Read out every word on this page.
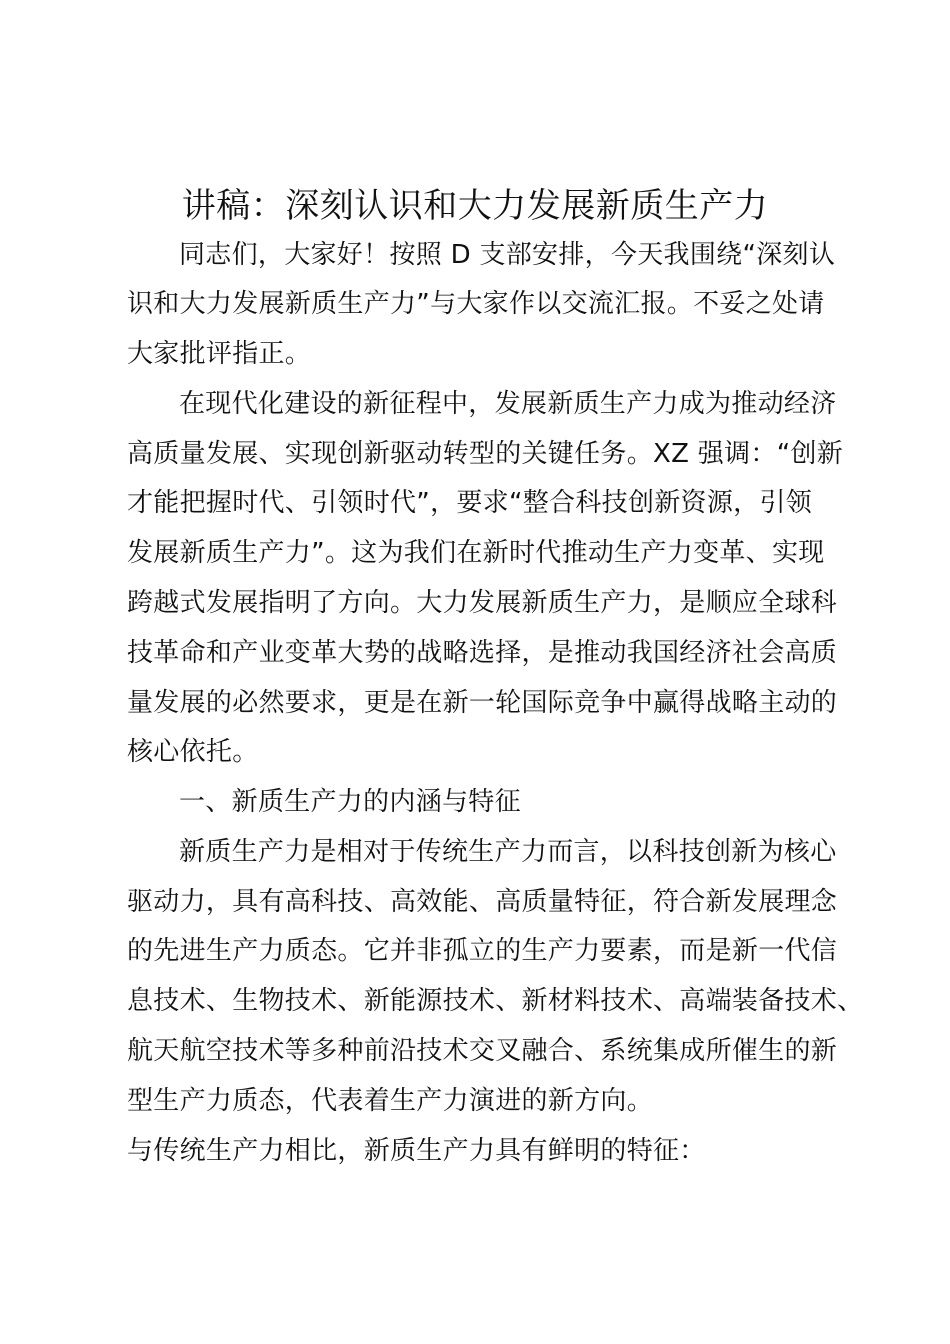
讲稿：深刻认识和大力发展新质生产力
同志们，大家好！按照 D 支部安排，今天我围绕“深刻认
识和大力发展新质生产力”与大家作以交流汇报。不妥之处请
大家批评指正。
在现代化建设的新征程中，发展新质生产力成为推动经济
高质量发展、实现创新驱动转型的关键任务。XZ 强调：“创新
才能把握时代、引领时代”，要求“整合科技创新资源，引领
发展新质生产力”。这为我们在新时代推动生产力变革、实现
跨越式发展指明了方向。大力发展新质生产力，是顺应全球科
技革命和产业变革大势的战略选择，是推动我国经济社会高质
量发展的必然要求，更是在新一轮国际竞争中赢得战略主动的
核心依托。
一、新质生产力的内涵与特征
新质生产力是相对于传统生产力而言，以科技创新为核心
驱动力，具有高科技、高效能、高质量特征，符合新发展理念
的先进生产力质态。它并非孤立的生产力要素，而是新一代信
息技术、生物技术、新能源技术、新材料技术、高端装备技术、
航天航空技术等多种前沿技术交叉融合、系统集成所催生的新
型生产力质态，代表着生产力演进的新方向。
与传统生产力相比，新质生产力具有鲜明的特征：
